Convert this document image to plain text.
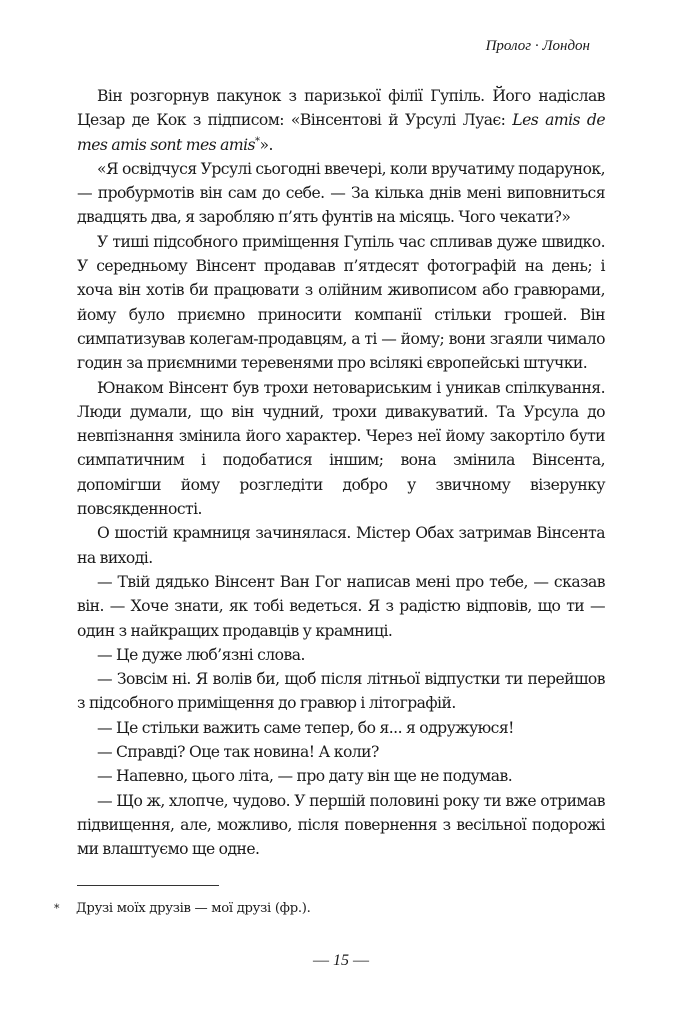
Пролог · Лондон

Він розгорнув пакунок з паризької філії Гупіль. Його надіслав Цезар де Кок з підписом: «Вінсентові й Урсулі Луає: Les amis de mes amis sont mes amis*».

«Я освідчуся Урсулі сьогодні ввечері, коли вручатиму подарунок, — пробурмотів він сам до себе. — За кілька днів мені виповниться двадцять два, я заробляю п’ять фунтів на місяць. Чого чекати?»

У тиші підсобного приміщення Гупіль час спливав дуже швидко. У середньому Вінсент продавав п’ятдесят фотографій на день; і хоча він хотів би працювати з олійним живописом або гравюрами, йому було приємно приносити компанії стільки грошей. Він симпатизував колегам-продавцям, а ті — йому; вони згаяли чимало годин за приємними теревенями про всілякі європейські штучки.

Юнаком Вінсент був трохи нетовариським і уникав спілкування. Люди думали, що він чудний, трохи дивакуватий. Та Урсула до невпізнання змінила його характер. Через неї йому закортіло бути симпатичним і подобатися іншим; вона змінила Вінсента, допомігши йому розгледіти добро у звичному візерунку повсякденності.

О шостій крамниця зачинялася. Містер Обах затримав Вінсента на виході.

— Твій дядько Вінсент Ван Гог написав мені про тебе, — сказав він. — Хоче знати, як тобі ведеться. Я з радістю відповів, що ти — один з найкращих продавців у крамниці.

— Це дуже люб’язні слова.

— Зовсім ні. Я волів би, щоб після літньої відпустки ти перейшов з підсобного приміщення до гравюр і літографій.

— Це стільки важить саме тепер, бо я... я одружуюся!

— Справді? Оце так новина! А коли?

— Напевно, цього літа, — про дату він ще не подумав.

— Що ж, хлопче, чудово. У першій половині року ти вже отримав підвищення, але, можливо, після повернення з весільної подорожі ми влаштуємо ще одне.

* Друзі моїх друзів — мої друзі (фр.).
— 15 —
